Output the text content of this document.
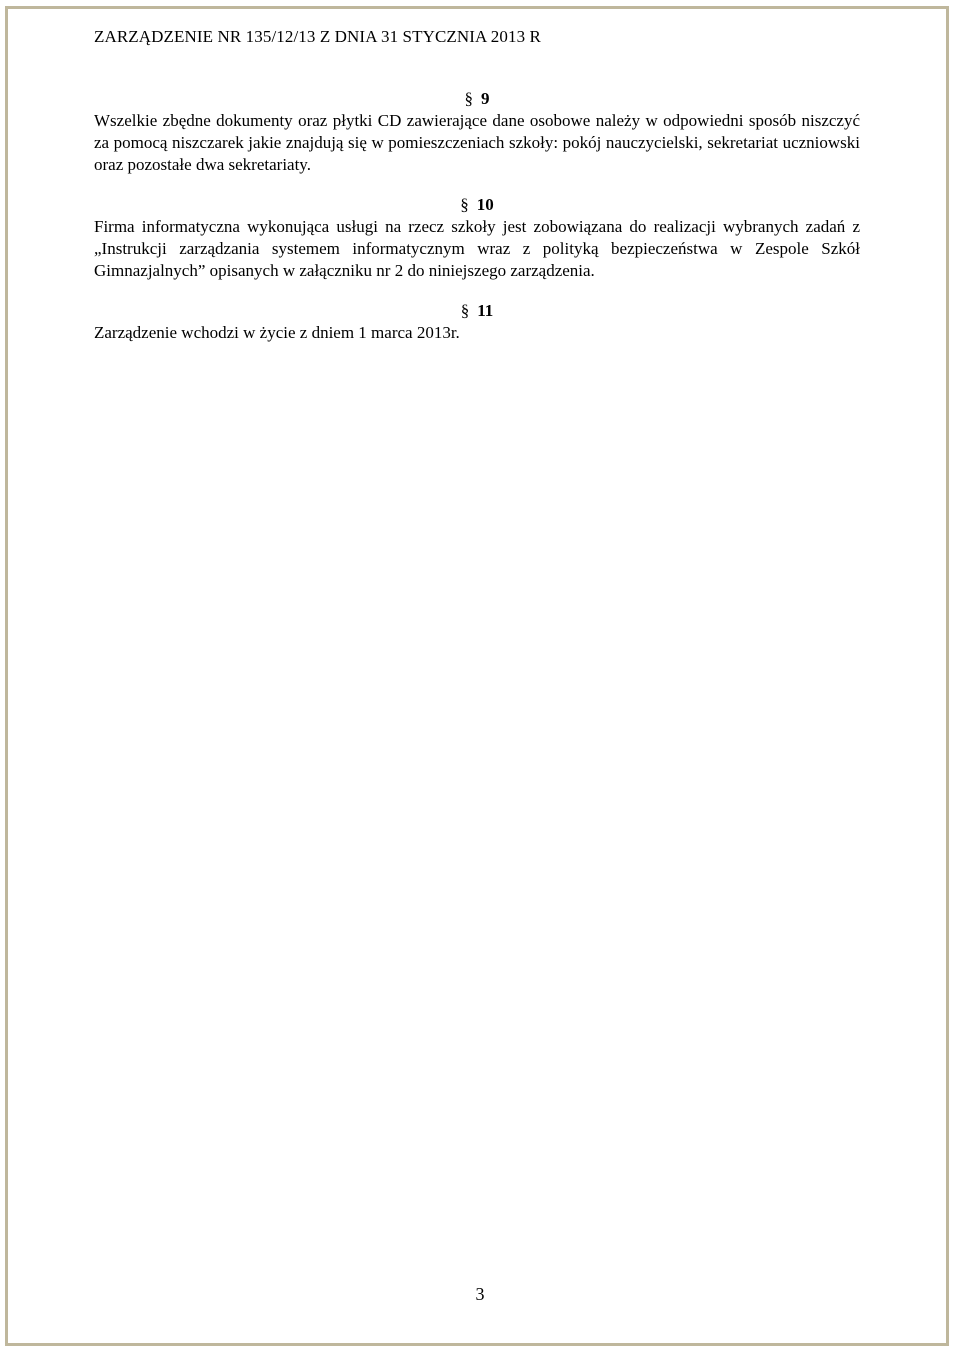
ZARZĄDZENIE NR 135/12/13 Z DNIA 31 STYCZNIA 2013 R
§ 9

Wszelkie zbędne dokumenty oraz płytki CD zawierające dane osobowe należy w odpowiedni sposób niszczyć za pomocą niszczarek jakie znajdują się w pomieszczeniach szkoły: pokój nauczycielski, sekretariat uczniowski oraz pozostałe dwa sekretariaty.

§ 10

Firma informatyczna wykonująca usługi na rzecz szkoły jest zobowiązana do realizacji wybranych zadań z „Instrukcji zarządzania systemem informatycznym wraz z polityką bezpieczeństwa w Zespole Szkół Gimnazjalnych” opisanych w załączniku nr 2 do niniejszego zarządzenia.

§ 11

Zarządzenie wchodzi w życie z dniem 1 marca 2013r.

3
